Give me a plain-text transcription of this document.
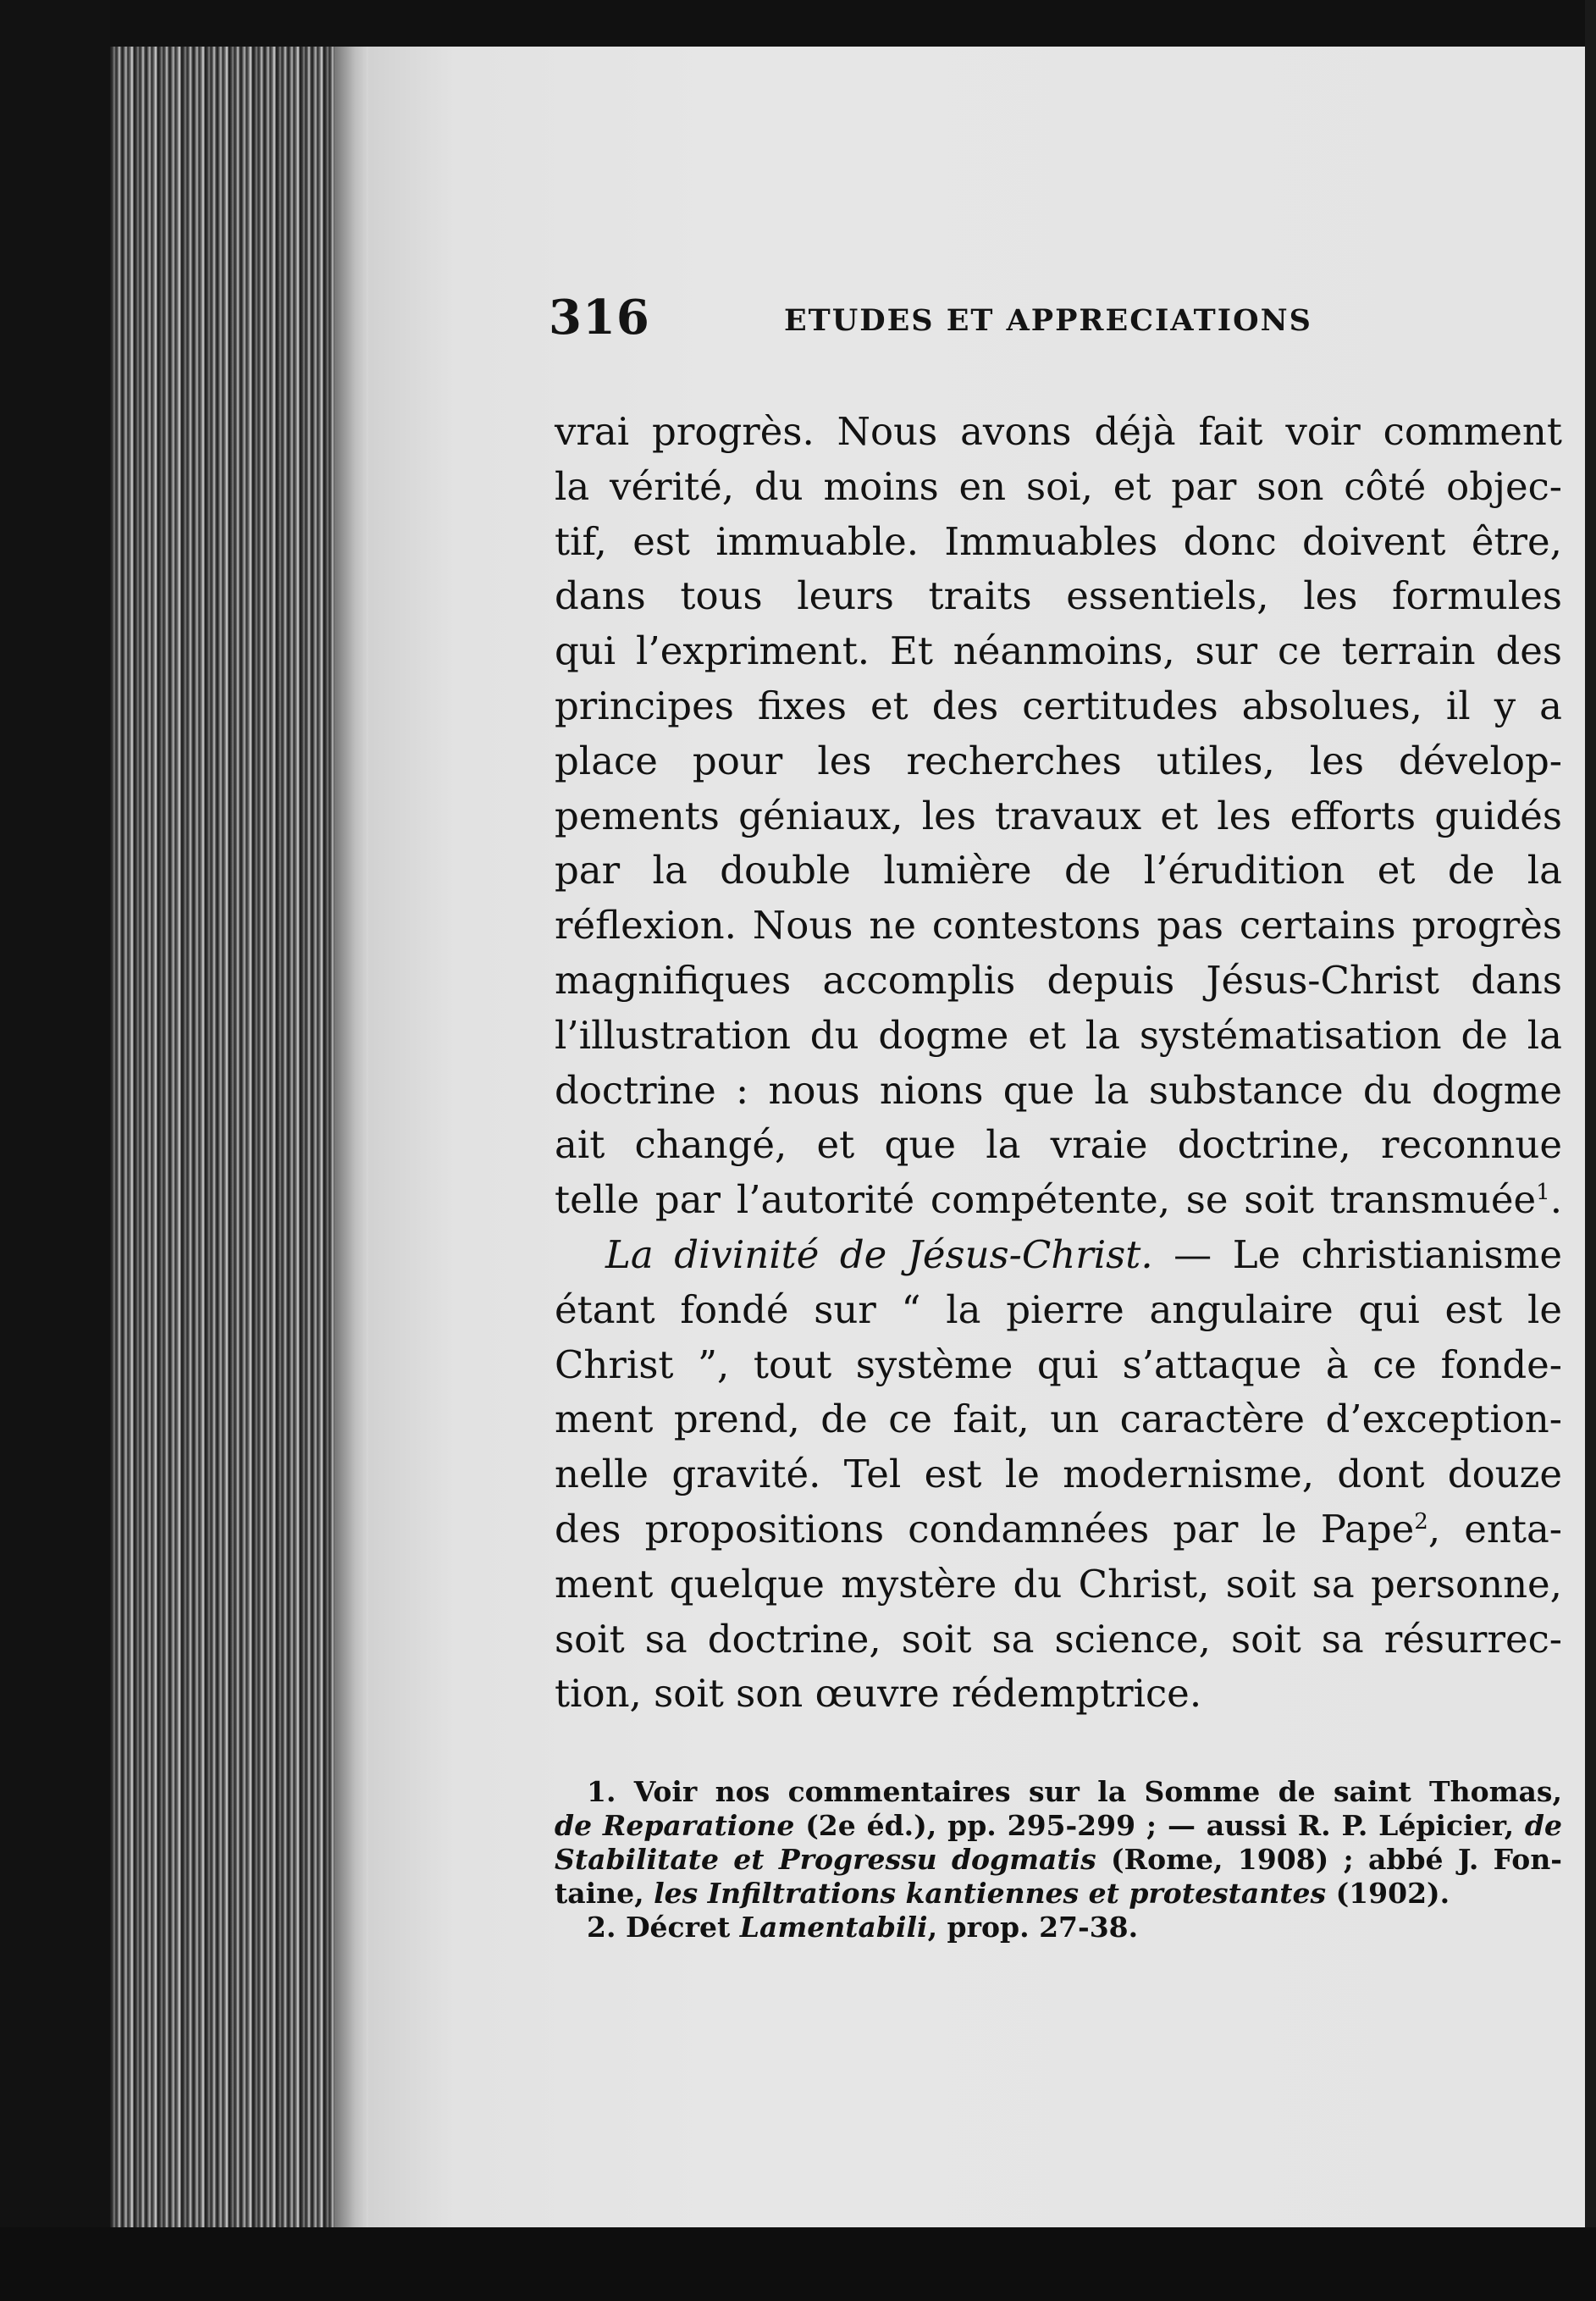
316	ETUDES ET APPRECIATIONS
vrai progrès. Nous avons déjà fait voir comment
la vérité, du moins en soi, et par son côté objec-
tif, est immuable. Immuables donc doivent être,
dans tous leurs traits essentiels, les formules
qui l’expriment. Et néanmoins, sur ce terrain des
principes fixes et des certitudes absolues, il y a
place pour les recherches utiles, les dévelop-
pements géniaux, les travaux et les efforts guidés
par la double lumière de l’érudition et de la
réflexion. Nous ne contestons pas certains progrès
magnifiques accomplis depuis Jésus-Christ dans
l’illustration du dogme et la systématisation de la
doctrine : nous nions que la substance du dogme
ait changé, et que la vraie doctrine, reconnue
telle par l’autorité compétente, se soit transmuée$^1$.
La divinité de Jésus-Christ. — Le christianisme
étant fondé sur “ la pierre angulaire qui est le
Christ ”, tout système qui s’attaque à ce fonde-
ment prend, de ce fait, un caractère d’exception-
nelle gravité. Tel est le modernisme, dont douze
des propositions condamnées par le Pape$^2$, enta-
ment quelque mystère du Christ, soit sa personne,
soit sa doctrine, soit sa science, soit sa résurrec-
tion, soit son œuvre rédemptrice.
1. Voir nos commentaires sur la Somme de saint Thomas,
de Reparatione (2e éd.), pp. 295-299 ; — aussi R. P. Lépicier, de
Stabilitate et Progressu dogmatis (Rome, 1908) ; abbé J. Fon-
taine, les Infiltrations kantiennes et protestantes (1902).
2. Décret Lamentabili, prop. 27-38.
